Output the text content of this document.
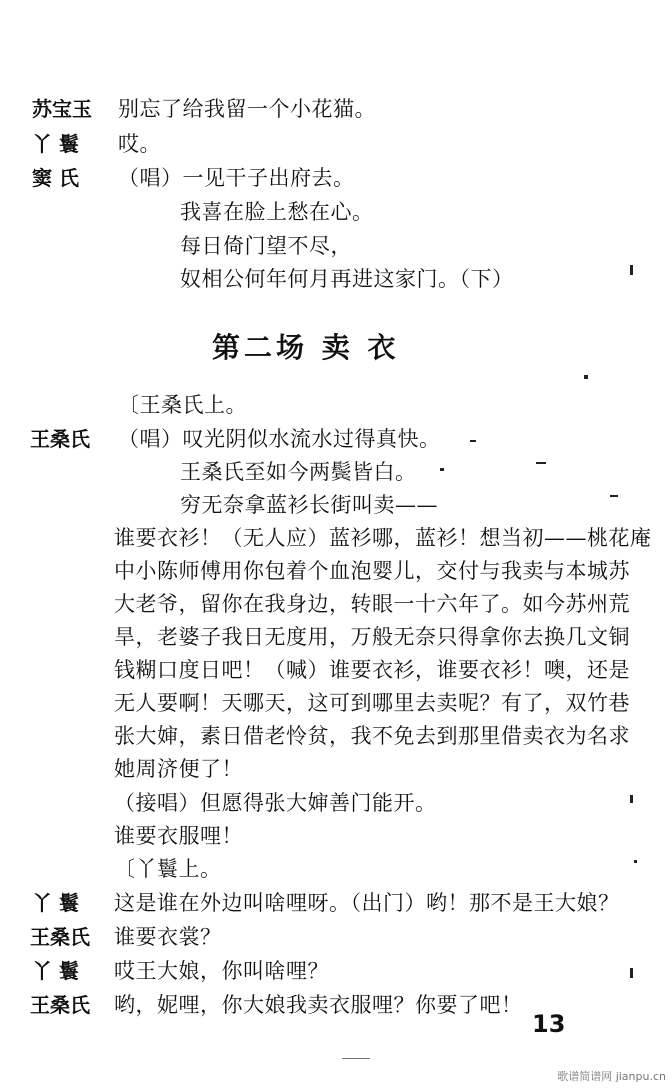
苏宝玉 别忘了给我留一个小花猫。
丫 鬟 哎。
窦 氏 （唱）一见干子出府去。
我喜在脸上愁在心。
每日倚门望不尽，
奴相公何年何月再进这家门。（下）
第二场 卖 衣
〔王桑氏上。
王桑氏 （唱）叹光阴似水流水过得真快。
王桑氏至如今两鬓皆白。
穷无奈拿蓝衫长街叫卖——
谁要衣衫！（无人应）蓝衫哪，蓝衫！想当初——桃花庵
中小陈师傅用你包着个血泡婴儿，交付与我卖与本城苏
大老爷，留你在我身边，转眼一十六年了。如今苏州荒
旱，老婆子我日无度用，万般无奈只得拿你去换几文铜
钱糊口度日吧！（喊）谁要衣衫，谁要衣衫！噢，还是
无人要啊！天哪天，这可到哪里去卖呢？有了，双竹巷
张大婶，素日借老怜贫，我不免去到那里借卖衣为名求
她周济便了！
（接唱）但愿得张大婶善门能开。
谁要衣服哩！
〔丫鬟上。
丫 鬟 这是谁在外边叫啥哩呀。（出门）哟！那不是王大娘？
王桑氏 谁要衣裳？
丫 鬟 哎王大娘，你叫啥哩？
王桑氏 哟，妮哩，你大娘我卖衣服哩？你要了吧！
13
歌谱简谱网 jianpu.cn
